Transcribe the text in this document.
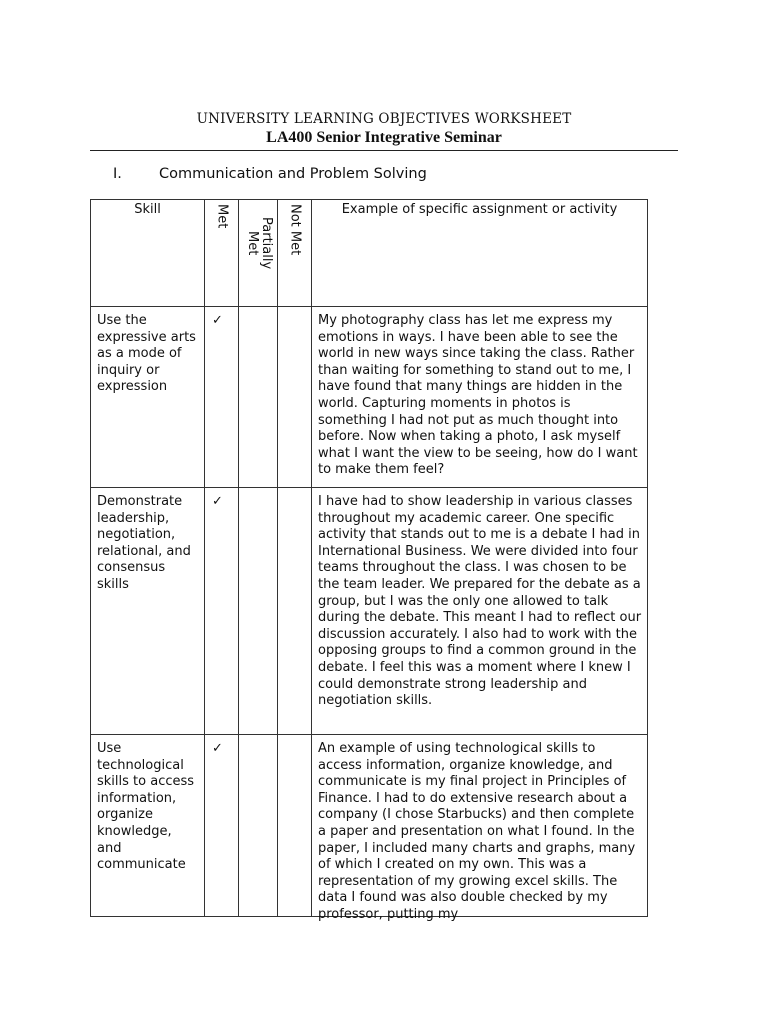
UNIVERSITY LEARNING OBJECTIVES WORKSHEET
LA400 Senior Integrative Seminar
I.	Communication and Problem Solving
Skill	Met	Partially Met	Not Met	Example of specific assignment or activity
Use the expressive arts as a mode of inquiry or expression	✓			My photography class has let me express my emotions in ways. I have been able to see the world in new ways since taking the class. Rather than waiting for something to stand out to me, I have found that many things are hidden in the world. Capturing moments in photos is something I had not put as much thought into before. Now when taking a photo, I ask myself what I want the view to be seeing, how do I want to make them feel?
Demonstrate leadership, negotiation, relational, and consensus skills	✓			I have had to show leadership in various classes throughout my academic career. One specific activity that stands out to me is a debate I had in International Business. We were divided into four teams throughout the class. I was chosen to be the team leader. We prepared for the debate as a group, but I was the only one allowed to talk during the debate. This meant I had to reflect our discussion accurately. I also had to work with the opposing groups to find a common ground in the debate. I feel this was a moment where I knew I could demonstrate strong leadership and negotiation skills.
Use technological skills to access information, organize knowledge, and communicate	✓			An example of using technological skills to access information, organize knowledge, and communicate is my final project in Principles of Finance. I had to do extensive research about a company (I chose Starbucks) and then complete a paper and presentation on what I found. In the paper, I included many charts and graphs, many of which I created on my own. This was a representation of my growing excel skills. The data I found was also double checked by my professor, putting my
